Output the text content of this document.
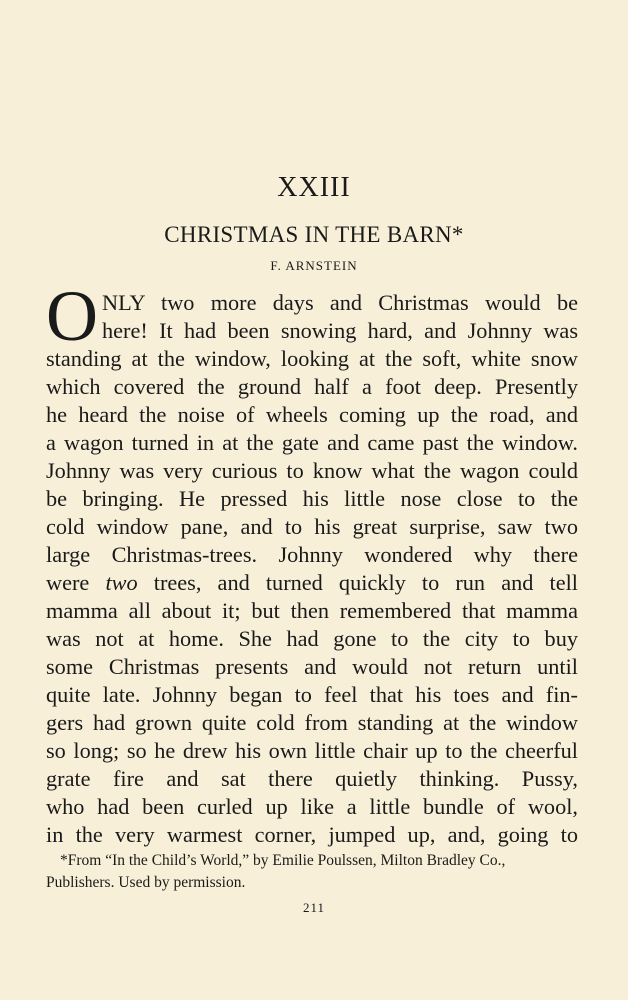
XXIII
CHRISTMAS IN THE BARN*
F. ARNSTEIN
O NLY two more days and Christmas would be
here! It had been snowing hard, and Johnny was
standing at the window, looking at the soft, white snow
which covered the ground half a foot deep. Presently
he heard the noise of wheels coming up the road, and
a wagon turned in at the gate and came past the window.
Johnny was very curious to know what the wagon could
be bringing. He pressed his little nose close to the
cold window pane, and to his great surprise, saw two
large Christmas-trees. Johnny wondered why there
were two trees, and turned quickly to run and tell
mamma all about it; but then remembered that mamma
was not at home. She had gone to the city to buy
some Christmas presents and would not return until
quite late. Johnny began to feel that his toes and fin-
gers had grown quite cold from standing at the window
so long; so he drew his own little chair up to the cheerful
grate fire and sat there quietly thinking. Pussy,
who had been curled up like a little bundle of wool,
in the very warmest corner, jumped up, and, going to
*From “In the Child’s World,” by Emilie Poulssen, Milton Bradley Co.,
Publishers. Used by permission.
211
